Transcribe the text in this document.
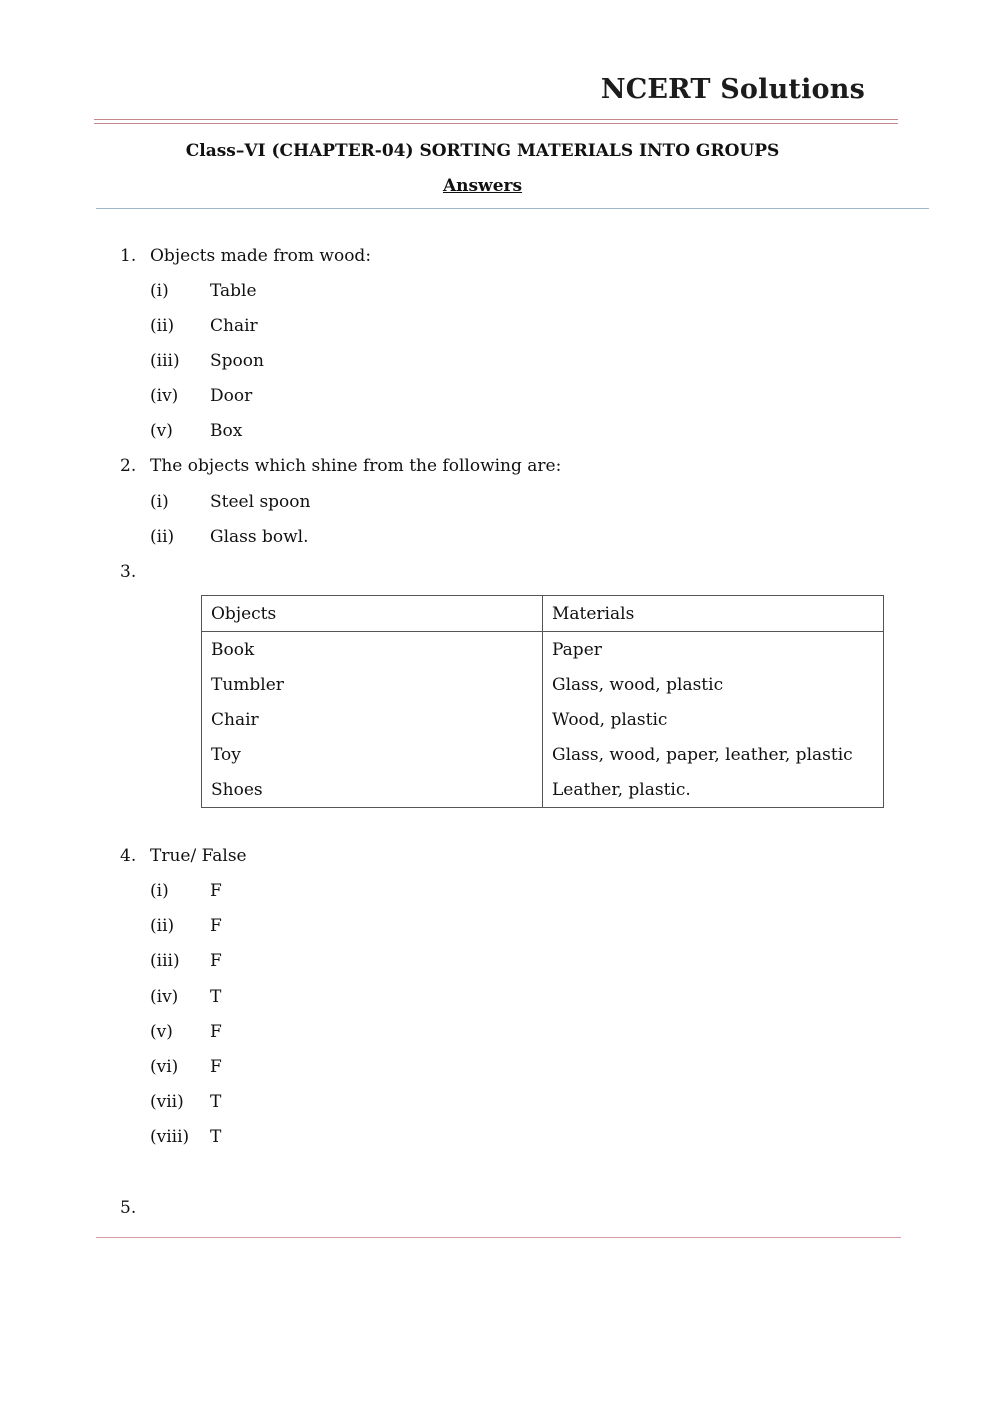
NCERT Solutions
Class–VI (CHAPTER-04) SORTING MATERIALS INTO GROUPS
Answers
1. Objects made from wood:
(i) Table
(ii) Chair
(iii) Spoon
(iv) Door
(v) Box
2. The objects which shine from the following are:
(i) Steel spoon
(ii) Glass bowl.
3.
Objects	Materials
Book	Paper
Tumbler	Glass, wood, plastic
Chair	Wood, plastic
Toy	Glass, wood, paper, leather, plastic
Shoes	Leather, plastic.
4. True/ False
(i) F
(ii) F
(iii) F
(iv) T
(v) F
(vi) F
(vii) T
(viii) T
5.
